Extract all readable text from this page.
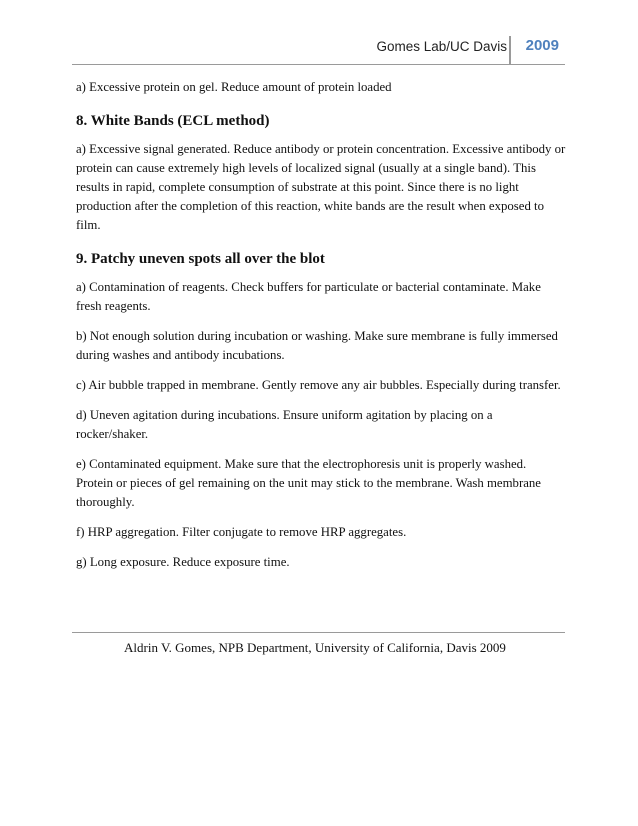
Gomes Lab/UC Davis 2009

a) Excessive protein on gel. Reduce amount of protein loaded

8. White Bands (ECL method)

a) Excessive signal generated. Reduce antibody or protein concentration. Excessive antibody or protein can cause extremely high levels of localized signal (usually at a single band). This results in rapid, complete consumption of substrate at this point. Since there is no light production after the completion of this reaction, white bands are the result when exposed to film.

9. Patchy uneven spots all over the blot

a) Contamination of reagents. Check buffers for particulate or bacterial contaminate. Make fresh reagents.

b) Not enough solution during incubation or washing. Make sure membrane is fully immersed during washes and antibody incubations.

c) Air bubble trapped in membrane. Gently remove any air bubbles. Especially during transfer.

d) Uneven agitation during incubations. Ensure uniform agitation by placing on a rocker/shaker.

e) Contaminated equipment. Make sure that the electrophoresis unit is properly washed. Protein or pieces of gel remaining on the unit may stick to the membrane. Wash membrane thoroughly.

f) HRP aggregation. Filter conjugate to remove HRP aggregates.

g) Long exposure. Reduce exposure time.

Aldrin V. Gomes, NPB Department, University of California, Davis 2009
